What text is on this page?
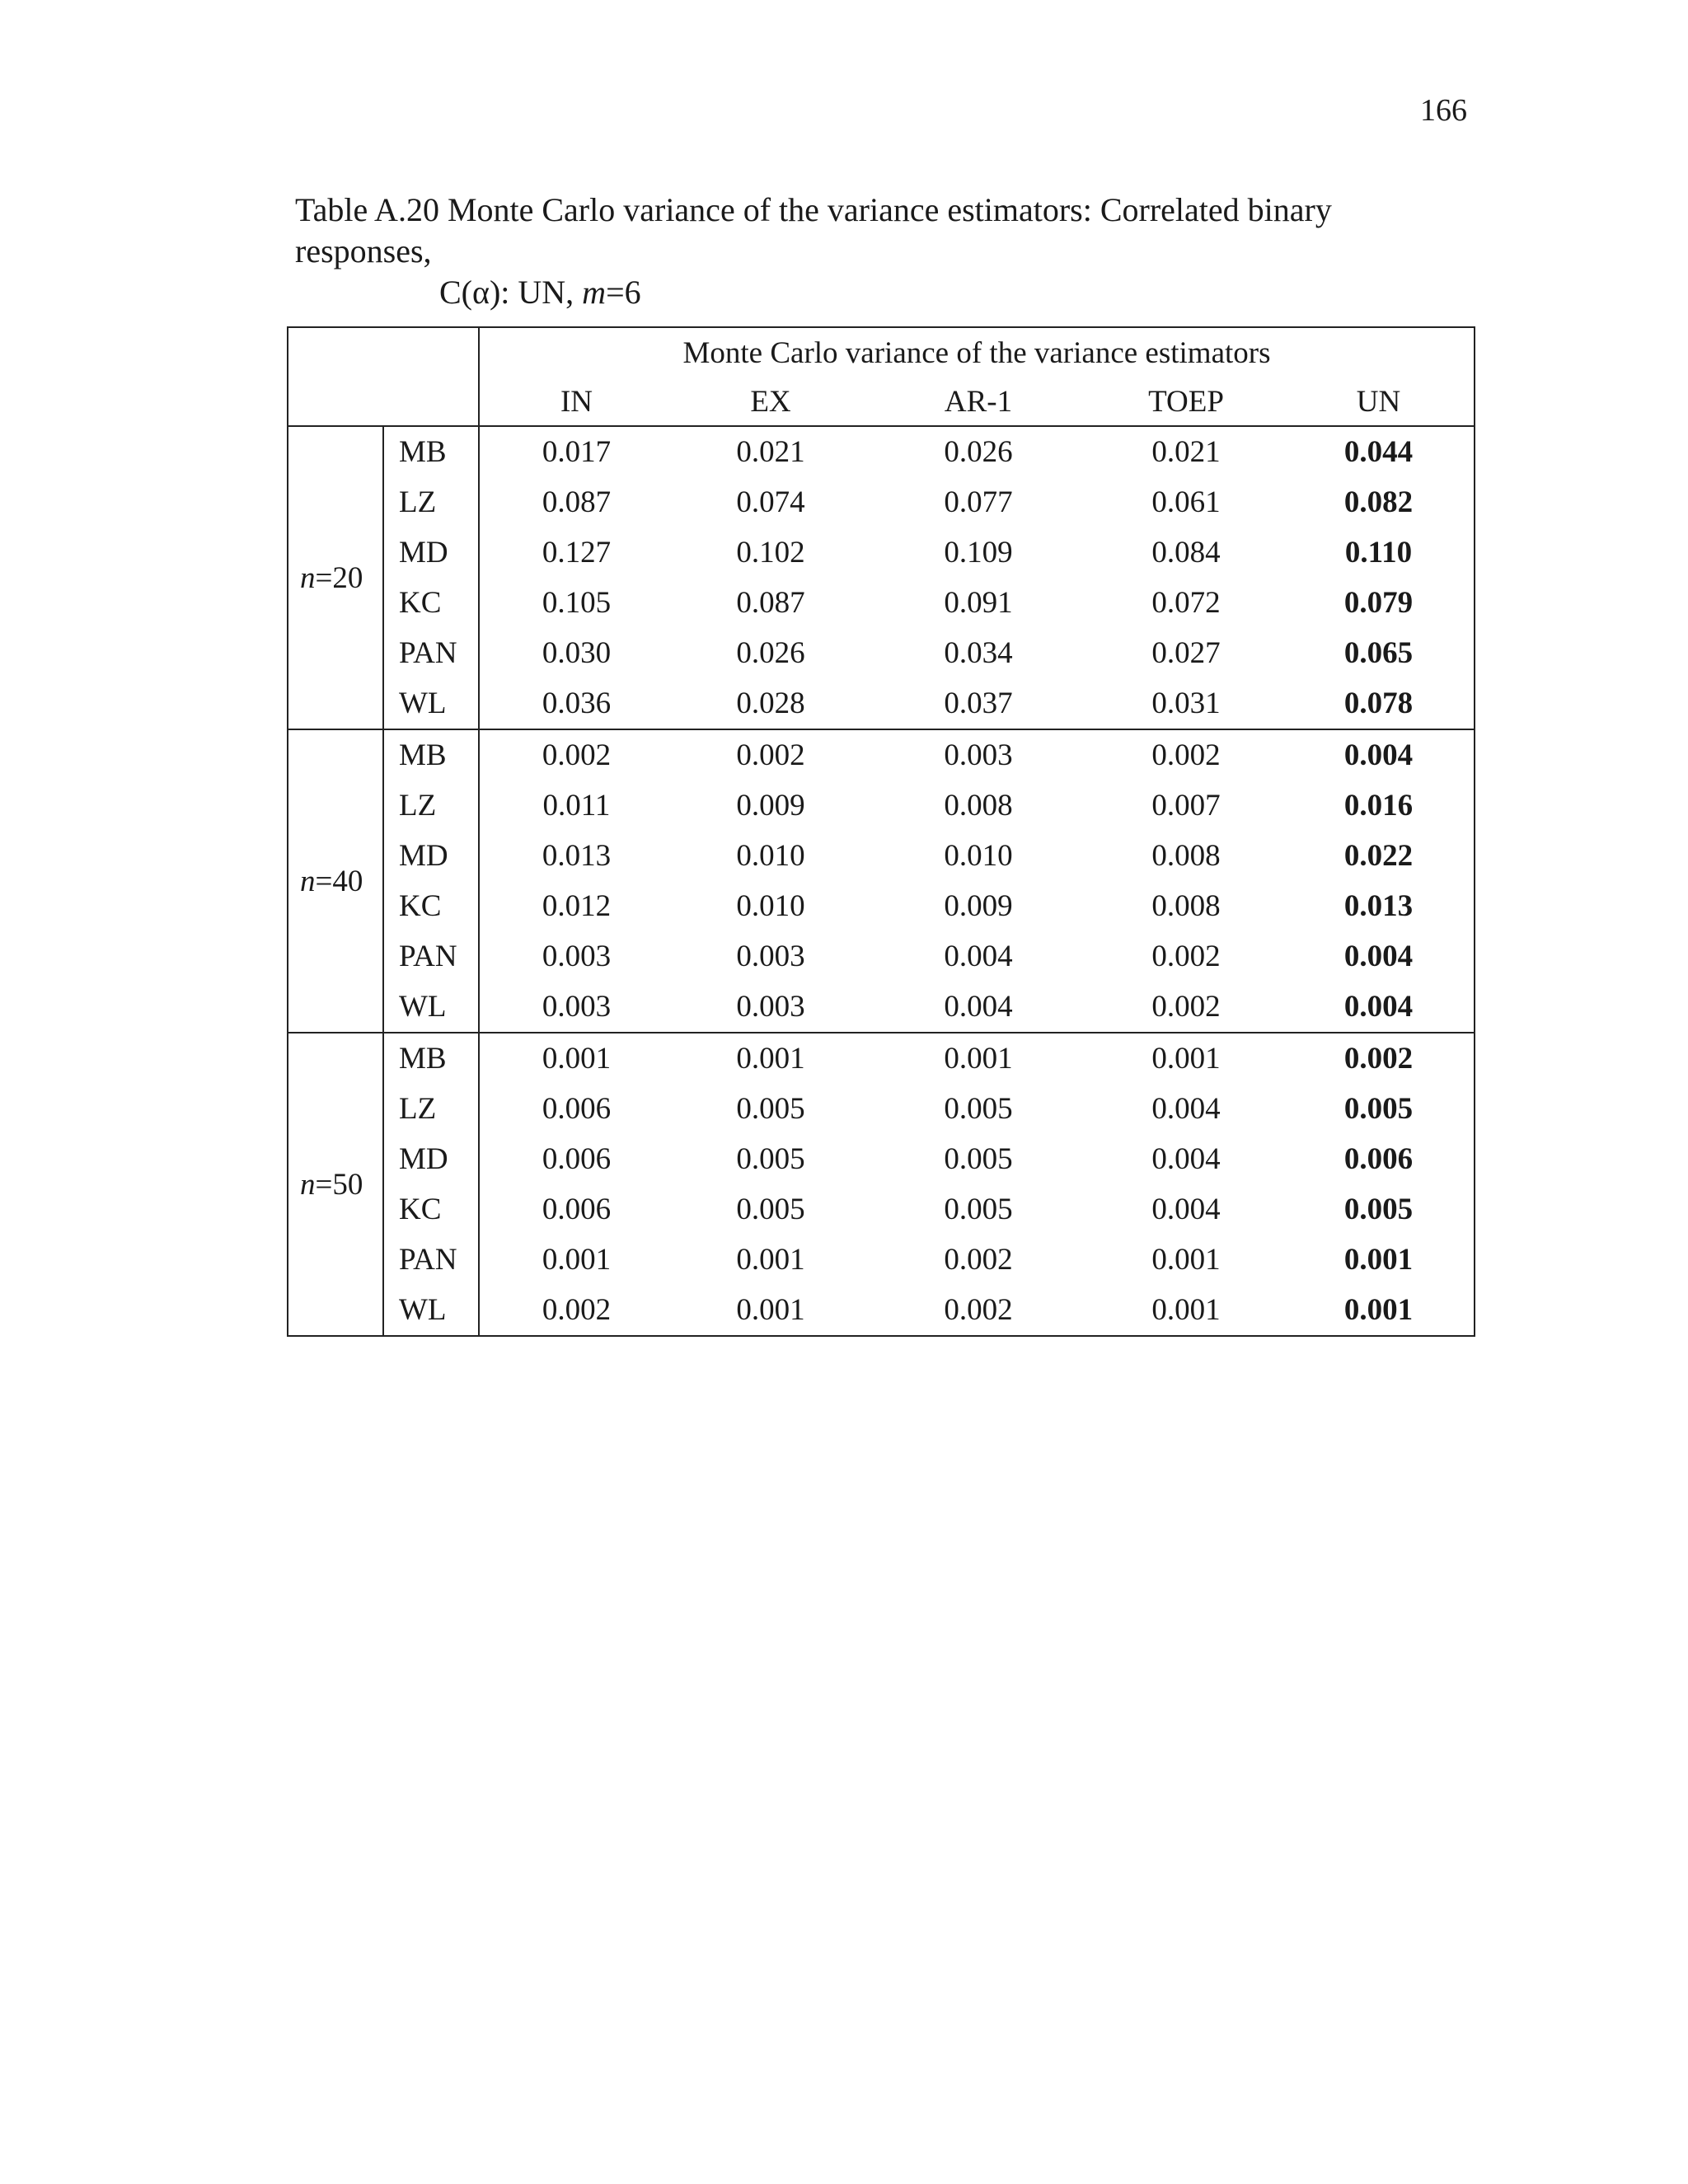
166
Table A.20 Monte Carlo variance of the variance estimators: Correlated binary responses,
C(α): UN, m=6
		Monte Carlo variance of the variance estimators				
		IN	EX	AR-1	TOEP	UN
n=20	MB	0.017	0.021	0.026	0.021	0.044
	LZ	0.087	0.074	0.077	0.061	0.082
	MD	0.127	0.102	0.109	0.084	0.110
	KC	0.105	0.087	0.091	0.072	0.079
	PAN	0.030	0.026	0.034	0.027	0.065
	WL	0.036	0.028	0.037	0.031	0.078
n=40	MB	0.002	0.002	0.003	0.002	0.004
	LZ	0.011	0.009	0.008	0.007	0.016
	MD	0.013	0.010	0.010	0.008	0.022
	KC	0.012	0.010	0.009	0.008	0.013
	PAN	0.003	0.003	0.004	0.002	0.004
	WL	0.003	0.003	0.004	0.002	0.004
n=50	MB	0.001	0.001	0.001	0.001	0.002
	LZ	0.006	0.005	0.005	0.004	0.005
	MD	0.006	0.005	0.005	0.004	0.006
	KC	0.006	0.005	0.005	0.004	0.005
	PAN	0.001	0.001	0.002	0.001	0.001
	WL	0.002	0.001	0.002	0.001	0.001
